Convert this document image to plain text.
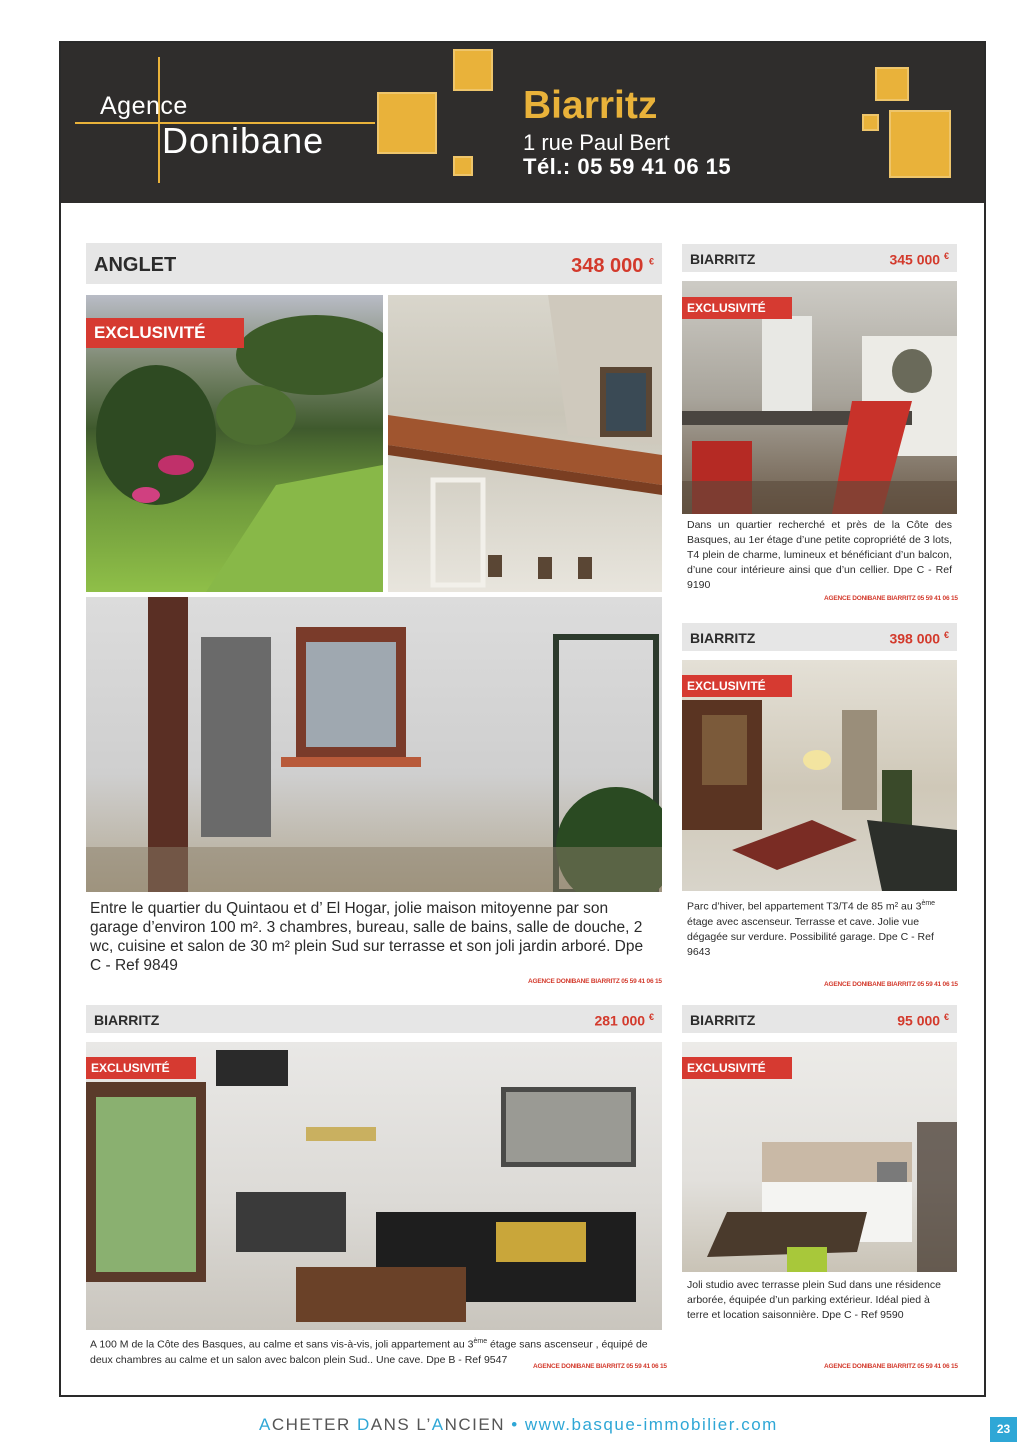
Agence
Donibane
Biarritz
1 rue Paul Bert
Tél.: 05 59 41 06 15
ANGLET	348 000 €
EXCLUSIVITÉ

Entre le quartier du Quintaou et d’ El Hogar, jolie maison mitoyenne par son garage d’environ 100 m². 3 chambres, bureau, salle de bains, salle de douche, 2 wc, cuisine et salon de 30 m² plein Sud sur terrasse et son joli jardin arboré. Dpe C - Ref 9849

AGENCE DONIBANE BIARRITZ 05 59 41 06 15
BIARRITZ	345 000 €
EXCLUSIVITÉ

Dans un quartier recherché et près de la Côte des Basques, au 1er étage d’une petite copropriété de 3 lots, T4 plein de charme, lumineux et bénéficiant d’un balcon, d’une cour intérieure ainsi que d’un cellier. Dpe C - Ref 9190

AGENCE DONIBANE BIARRITZ 05 59 41 06 15
BIARRITZ	398 000 €
EXCLUSIVITÉ

Parc d’hiver, bel appartement T3/T4 de 85 m² au 3ème étage avec ascenseur. Terrasse et cave. Jolie vue dégagée sur verdure. Possibilité garage. Dpe C - Ref 9643

AGENCE DONIBANE BIARRITZ 05 59 41 06 15
BIARRITZ	281 000 €
EXCLUSIVITÉ

A 100 M de la Côte des Basques, au calme et sans vis-à-vis, joli appartement au 3ème étage sans ascenseur , équipé de deux chambres au calme et un salon avec balcon plein Sud.. Une cave. Dpe B - Ref 9547

AGENCE DONIBANE BIARRITZ 05 59 41 06 15
BIARRITZ	95 000 €
EXCLUSIVITÉ

Joli studio avec terrasse plein Sud dans une résidence arborée, équipée d’un parking extérieur. Idéal pied à terre et location saisonnière. Dpe C - Ref 9590

AGENCE DONIBANE BIARRITZ 05 59 41 06 15
ACHETER DANS L’ANCIEN • www.basque-immobilier.com	23
